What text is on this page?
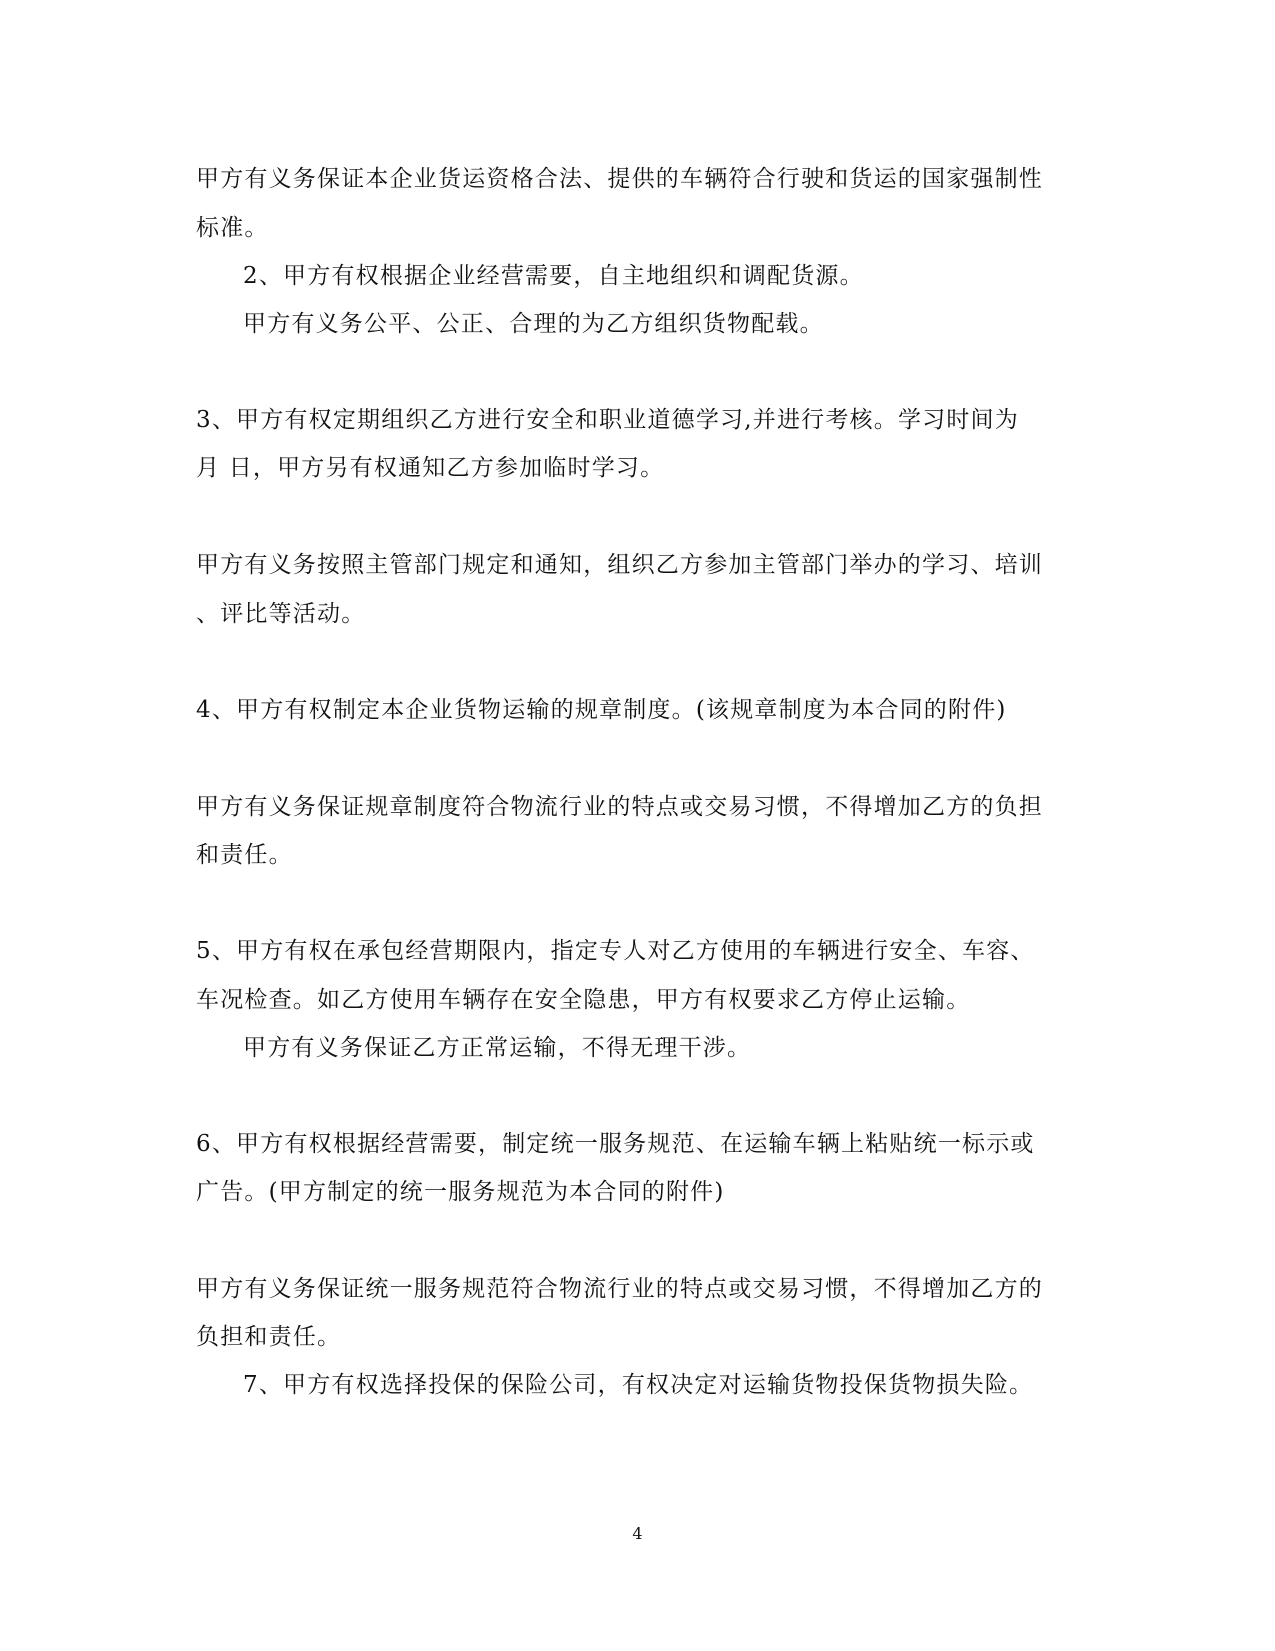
甲方有义务保证本企业货运资格合法、提供的车辆符合行驶和货运的国家强制性
标准。
2、甲方有权根据企业经营需要，自主地组织和调配货源。
甲方有义务公平、公正、合理的为乙方组织货物配载。
3、甲方有权定期组织乙方进行安全和职业道德学习,并进行考核。学习时间为
月 日，甲方另有权通知乙方参加临时学习。
甲方有义务按照主管部门规定和通知，组织乙方参加主管部门举办的学习、培训
、评比等活动。
4、甲方有权制定本企业货物运输的规章制度。(该规章制度为本合同的附件)
甲方有义务保证规章制度符合物流行业的特点或交易习惯，不得增加乙方的负担
和责任。
5、甲方有权在承包经营期限内，指定专人对乙方使用的车辆进行安全、车容、
车况检查。如乙方使用车辆存在安全隐患，甲方有权要求乙方停止运输。
甲方有义务保证乙方正常运输，不得无理干涉。
6、甲方有权根据经营需要，制定统一服务规范、在运输车辆上粘贴统一标示或
广告。(甲方制定的统一服务规范为本合同的附件)
甲方有义务保证统一服务规范符合物流行业的特点或交易习惯，不得增加乙方的
负担和责任。
7、甲方有权选择投保的保险公司，有权决定对运输货物投保货物损失险。
4
